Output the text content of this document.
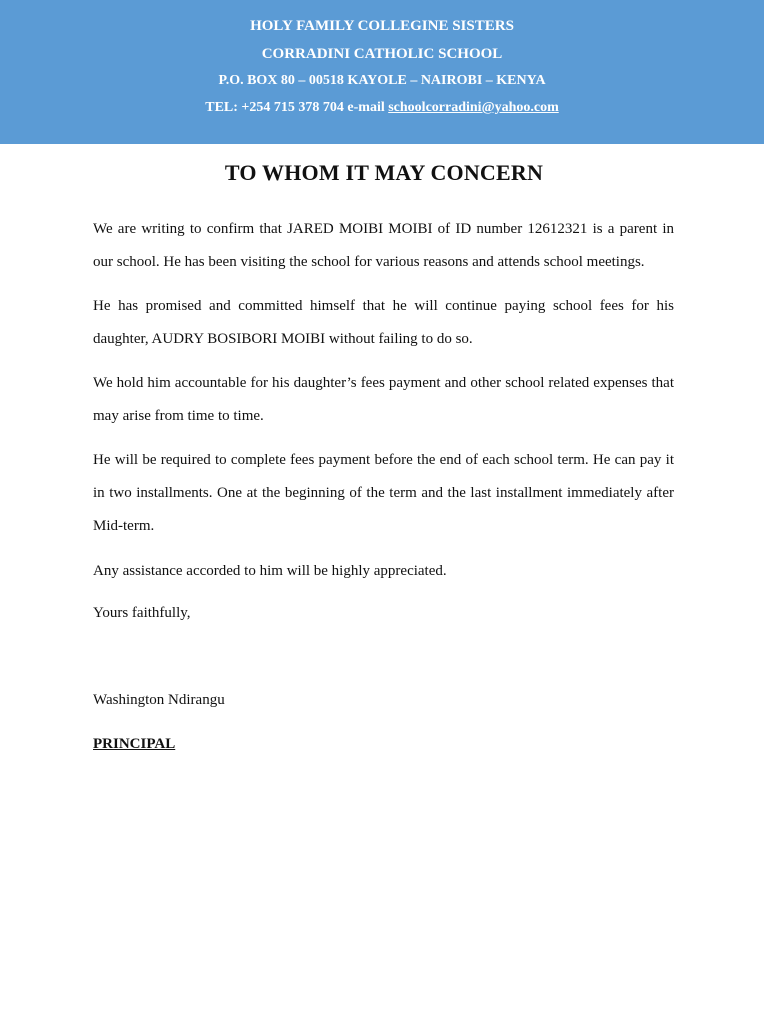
HOLY FAMILY COLLEGINE SISTERS
CORRADINI CATHOLIC SCHOOL
P.O. BOX 80 – 00518 KAYOLE – NAIROBI – KENYA
TEL: +254 715 378 704 e-mail schoolcorradini@yahoo.com
TO WHOM IT MAY CONCERN

We are writing to confirm that JARED MOIBI MOIBI of ID number 12612321 is a parent in our school. He has been visiting the school for various reasons and attends school meetings.

He has promised and committed himself that he will continue paying school fees for his daughter, AUDRY BOSIBORI MOIBI without failing to do so.

We hold him accountable for his daughter’s fees payment and other school related expenses that may arise from time to time.

He will be required to complete fees payment before the end of each school term. He can pay it in two installments. One at the beginning of the term and the last installment immediately after Mid-term.

Any assistance accorded to him will be highly appreciated.

Yours faithfully,

Washington Ndirangu

PRINCIPAL
